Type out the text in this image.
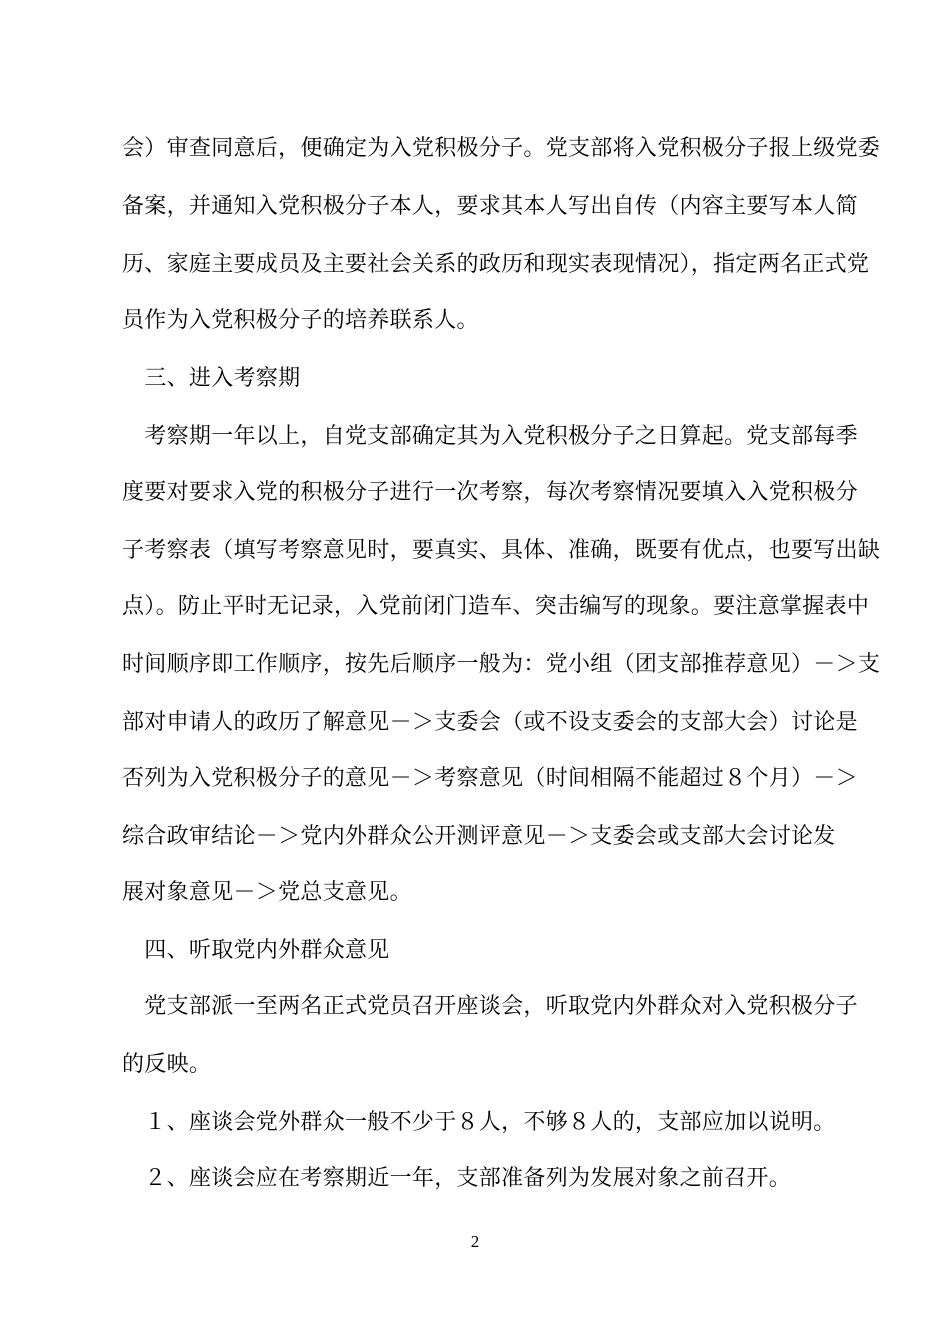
会）审查同意后，便确定为入党积极分子。党支部将入党积极分子报上级党委
备案，并通知入党积极分子本人，要求其本人写出自传（内容主要写本人简
历、家庭主要成员及主要社会关系的政历和现实表现情况），指定两名正式党
员作为入党积极分子的培养联系人。
　三、进入考察期
　考察期一年以上，自党支部确定其为入党积极分子之日算起。党支部每季
度要对要求入党的积极分子进行一次考察，每次考察情况要填入入党积极分
子考察表（填写考察意见时，要真实、具体、准确，既要有优点，也要写出缺
点）。防止平时无记录，入党前闭门造车、突击编写的现象。要注意掌握表中
时间顺序即工作顺序，按先后顺序一般为：党小组（团支部推荐意见）－＞支
部对申请人的政历了解意见－＞支委会（或不设支委会的支部大会）讨论是
否列为入党积极分子的意见－＞考察意见（时间相隔不能超过８个月）－＞
综合政审结论－＞党内外群众公开测评意见－＞支委会或支部大会讨论发
展对象意见－＞党总支意见。
　四、听取党内外群众意见
　党支部派一至两名正式党员召开座谈会，听取党内外群众对入党积极分子
的反映。
　１、座谈会党外群众一般不少于８人，不够８人的，支部应加以说明。
　２、座谈会应在考察期近一年，支部准备列为发展对象之前召开。
2
